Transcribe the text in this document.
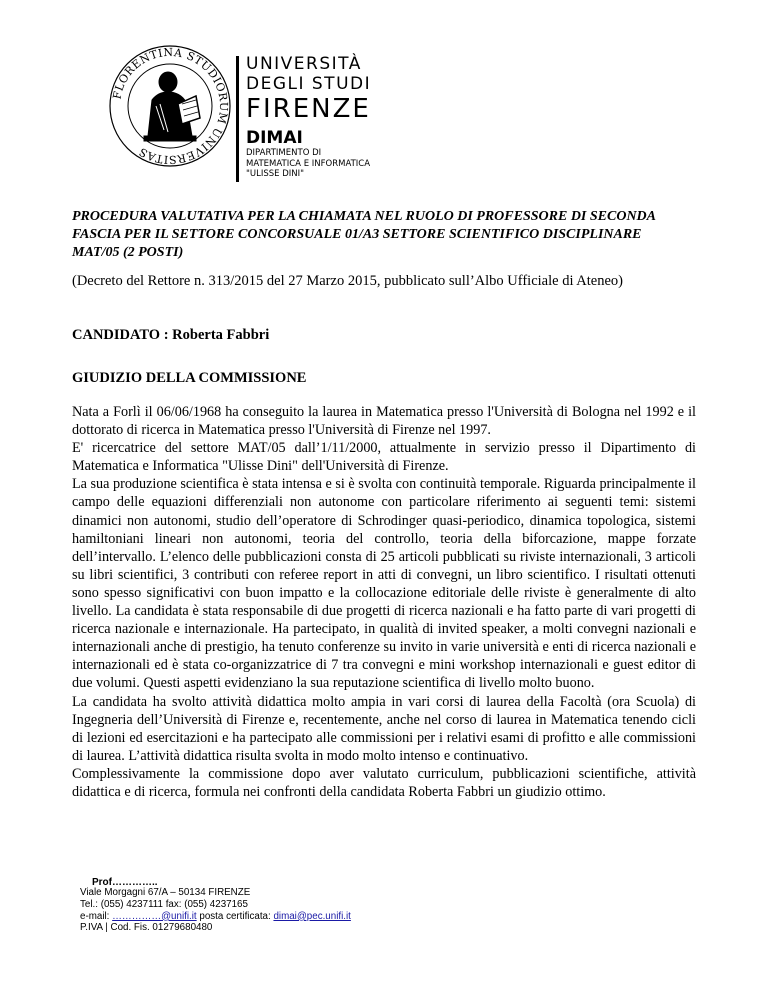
FLORENTINA STUDIORUM UNIVERSITAS
UNIVERSITÀ
DEGLI STUDI
FIRENZE
DIMAI
DIPARTIMENTO DI
MATEMATICA E INFORMATICA
"ULISSE DINI"

PROCEDURA VALUTATIVA PER LA CHIAMATA NEL RUOLO DI PROFESSORE DI SECONDA FASCIA PER IL SETTORE CONCORSUALE 01/A3 SETTORE SCIENTIFICO DISCIPLINARE MAT/05 (2 POSTI)

(Decreto del Rettore n. 313/2015 del 27 Marzo 2015, pubblicato sull’Albo Ufficiale di Ateneo)

CANDIDATO : Roberta Fabbri

GIUDIZIO DELLA COMMISSIONE

Nata a Forlì il 06/06/1968 ha conseguito la laurea in Matematica presso l'Università di Bologna nel 1992 e il dottorato di ricerca in Matematica presso l'Università di Firenze nel 1997.

E' ricercatrice del settore MAT/05 dall’1/11/2000, attualmente in servizio presso il Dipartimento di Matematica e Informatica "Ulisse Dini" dell'Università di Firenze.

La sua produzione scientifica è stata intensa e si è svolta con continuità temporale. Riguarda principalmente il campo delle equazioni differenziali non autonome con particolare riferimento ai seguenti temi: sistemi dinamici non autonomi, studio dell’operatore di Schrodinger quasi-periodico, dinamica topologica, sistemi hamiltoniani lineari non autonomi, teoria del controllo, teoria della biforcazione, mappe forzate dell’intervallo. L’elenco delle pubblicazioni consta di 25 articoli pubblicati su riviste internazionali, 3 articoli su libri scientifici, 3 contributi con referee report in atti di convegni, un libro scientifico. I risultati ottenuti sono spesso significativi con buon impatto e la collocazione editoriale delle riviste è generalmente di alto livello. La candidata è stata responsabile di due progetti di ricerca nazionali e ha fatto parte di vari progetti di ricerca nazionale e internazionale. Ha partecipato, in qualità di invited speaker, a molti convegni nazionali e internazionali anche di prestigio, ha tenuto conferenze su invito in varie università e enti di ricerca nazionali e internazionali ed è stata co-organizzatrice di 7 tra convegni e mini workshop internazionali e guest editor di due volumi. Questi aspetti evidenziano la sua reputazione scientifica di livello molto buono.

La candidata ha svolto attività didattica molto ampia in vari corsi di laurea della Facoltà (ora Scuola) di Ingegneria dell’Università di Firenze e, recentemente, anche nel corso di laurea in Matematica tenendo cicli di lezioni ed esercitazioni e ha partecipato alle commissioni per i relativi esami di profitto e alle commissioni di laurea. L’attività didattica risulta svolta in modo molto intenso e continuativo.

Complessivamente la commissione dopo aver valutato curriculum, pubblicazioni scientifiche, attività didattica e di ricerca, formula nei confronti della candidata Roberta Fabbri un giudizio ottimo.

Prof…………..
Viale Morgagni 67/A – 50134 FIRENZE
Tel.: (055) 4237111 fax: (055) 4237165
e-mail: ……………@unifi.it posta certificata: dimai@pec.unifi.it
P.IVA | Cod. Fis. 01279680480
